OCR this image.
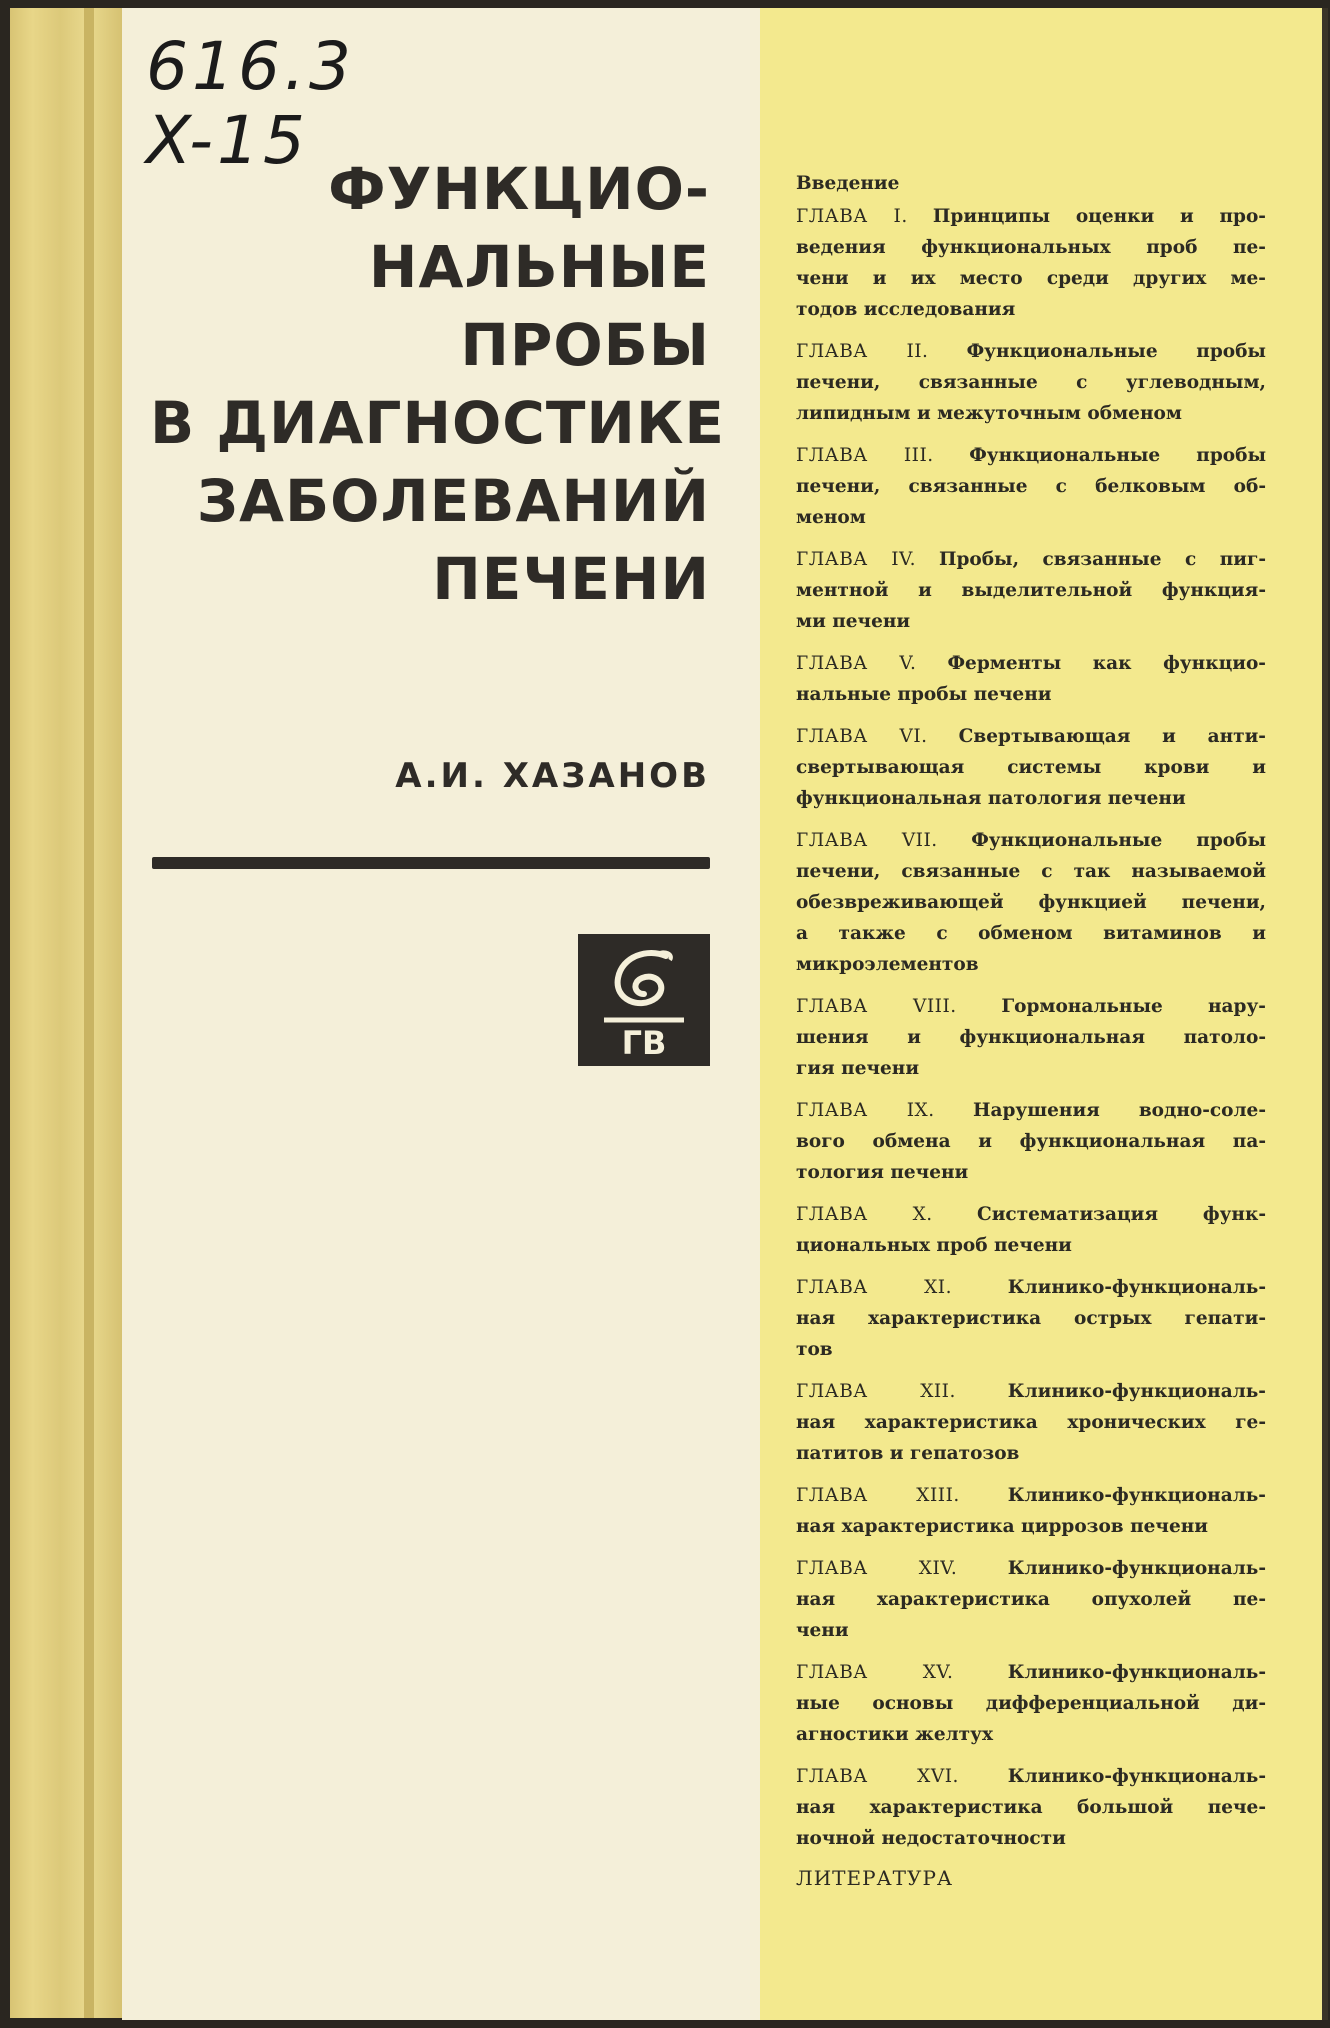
616.3
X-15
ФУНКЦИО-
НАЛЬНЫЕ
ПРОБЫ
В ДИАГНОСТИКЕ
ЗАБОЛЕВАНИЙ
ПЕЧЕНИ
А.И. ХАЗАНОВ
ГВ
Введение
ГЛАВА I. Принципы оценки и про-
ведения функциональных проб пе-
чени и их место среди других ме-
тодов исследования
ГЛАВА II. Функциональные пробы
печени, связанные с углеводным,
липидным и межуточным обменом
ГЛАВА III. Функциональные пробы
печени, связанные с белковым об-
меном
ГЛАВА IV. Пробы, связанные с пиг-
ментной и выделительной функция-
ми печени
ГЛАВА V. Ферменты как функцио-
нальные пробы печени
ГЛАВА VI. Свертывающая и анти-
свертывающая системы крови и
функциональная патология печени
ГЛАВА VII. Функциональные пробы
печени, связанные с так называемой
обезвреживающей функцией печени,
а также с обменом витаминов и
микроэлементов
ГЛАВА VIII. Гормональные нару-
шения и функциональная патоло-
гия печени
ГЛАВА IX. Нарушения водно-соле-
вого обмена и функциональная па-
тология печени
ГЛАВА X. Систематизация функ-
циональных проб печени
ГЛАВА XI.	Клинико-функциональ-
ная характеристика острых гепати-
тов
ГЛАВА XII.	Клинико-функциональ-
ная характеристика хронических ге-
патитов и гепатозов
ГЛАВА XIII.	Клинико-функциональ-
ная характеристика циррозов печени
ГЛАВА XIV.	Клинико-функциональ-
ная характеристика опухолей пе-
чени
ГЛАВА XV.	Клинико-функциональ-
ные основы дифференциальной ди-
агностики желтух
ГЛАВА XVI.	Клинико-функциональ-
ная характеристика большой пече-
ночной недостаточности
ЛИТЕРАТУРА
